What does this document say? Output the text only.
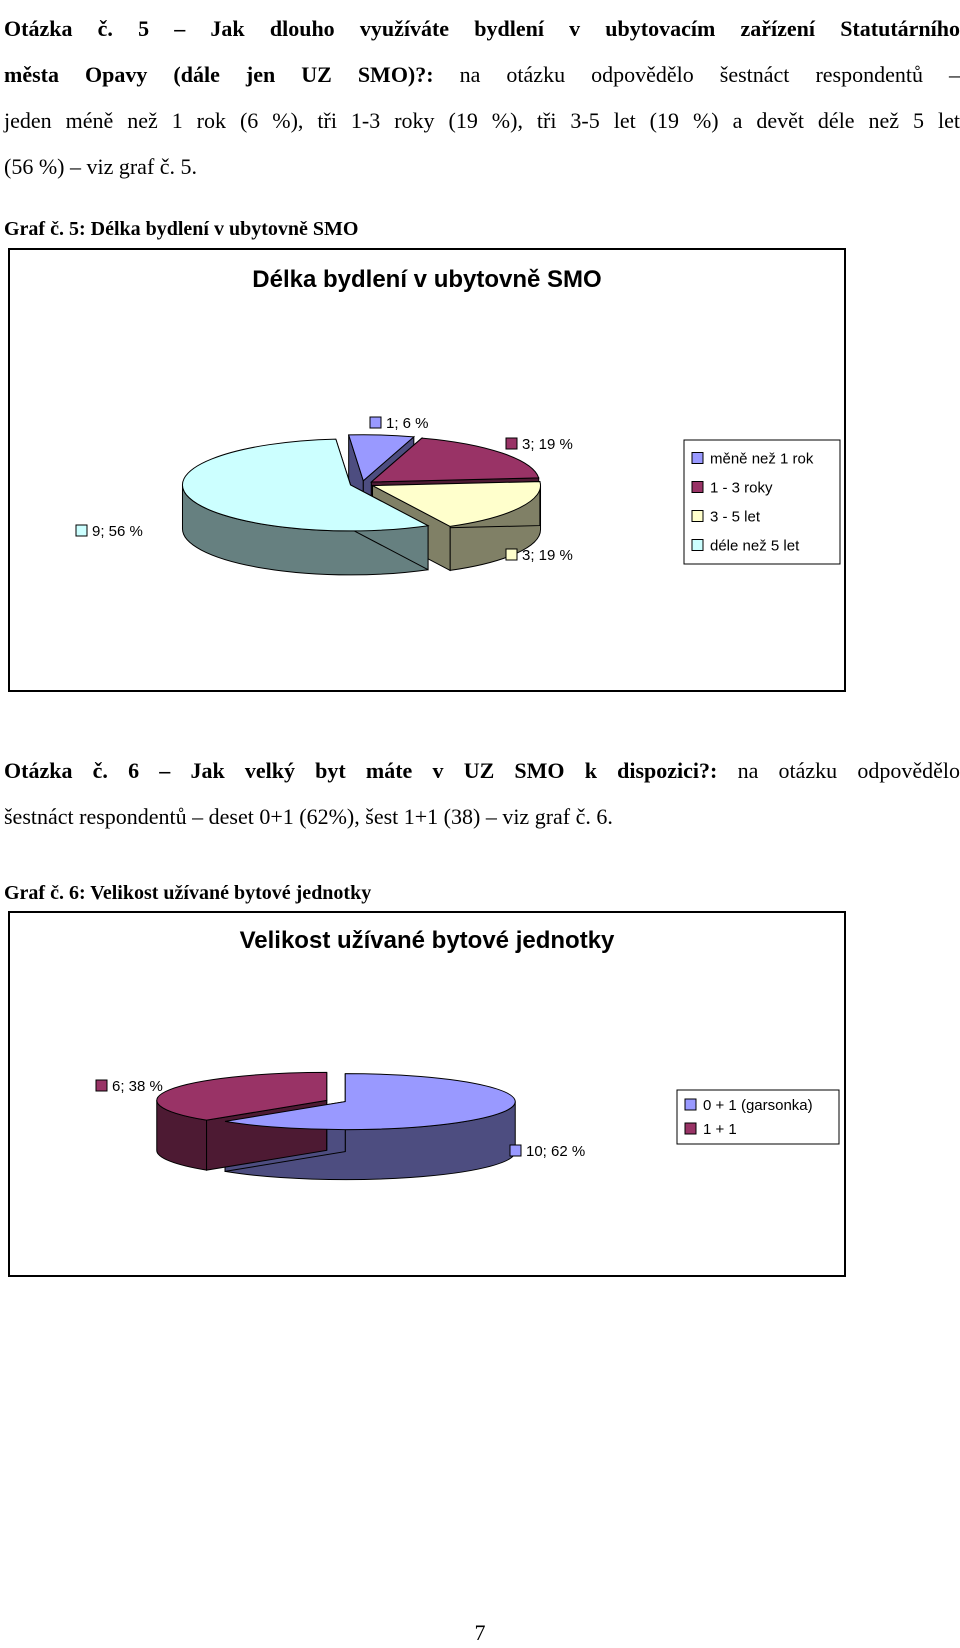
Otázka č. 5 – Jak dlouho využíváte bydlení v ubytovacím zařízení Statutárního
města Opavy (dále jen UZ SMO)?: na otázku odpovědělo šestnáct respondentů –
jeden méně než 1 rok (6 %), tři 1-3 roky (19 %), tři 3-5 let (19 %) a devět déle než 5 let
(56 %) – viz graf č. 5.
Graf č. 5: Délka bydlení v ubytovně SMO
Délka bydlení v ubytovně SMO
1; 6 %
3; 19 %
3; 19 %
9; 56 %
měně než 1 rok
1 - 3 roky
3 - 5 let
déle než 5 let
Otázka č. 6 – Jak velký byt máte v UZ SMO k dispozici?: na otázku odpovědělo
šestnáct respondentů – deset 0+1 (62%), šest 1+1 (38) – viz graf č. 6.
Graf č. 6: Velikost užívané bytové jednotky
Velikost užívané bytové jednotky
10; 62 %
6; 38 %
0 + 1 (garsonka)
1 + 1
7
